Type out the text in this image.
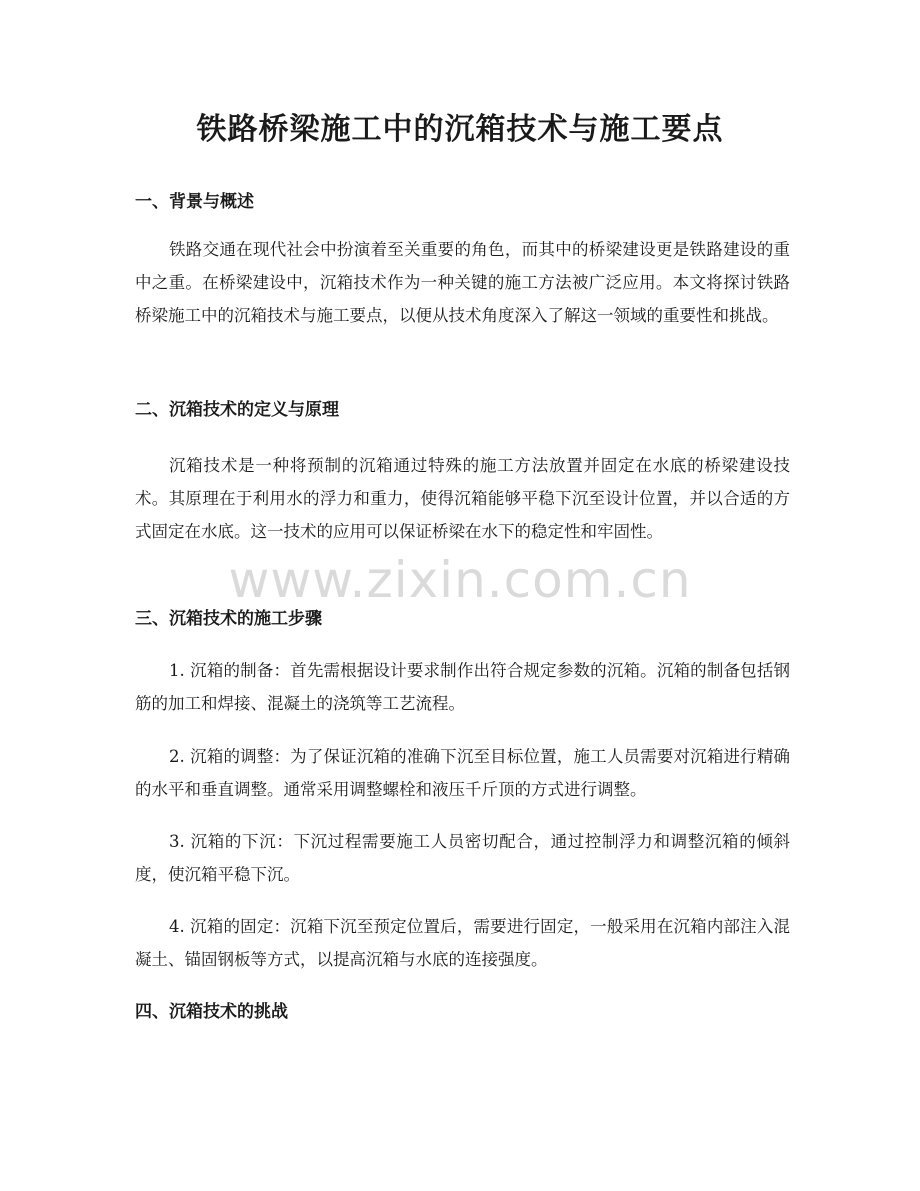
铁路桥梁施工中的沉箱技术与施工要点
一、背景与概述

铁路交通在现代社会中扮演着至关重要的角色，而其中的桥梁建设更是铁路建设的重中之重。在桥梁建设中，沉箱技术作为一种关键的施工方法被广泛应用。本文将探讨铁路桥梁施工中的沉箱技术与施工要点，以便从技术角度深入了解这一领域的重要性和挑战。

二、沉箱技术的定义与原理

沉箱技术是一种将预制的沉箱通过特殊的施工方法放置并固定在水底的桥梁建设技术。其原理在于利用水的浮力和重力，使得沉箱能够平稳下沉至设计位置，并以合适的方式固定在水底。这一技术的应用可以保证桥梁在水下的稳定性和牢固性。

www.zixin.com.cn
三、沉箱技术的施工步骤

1. 沉箱的制备：首先需根据设计要求制作出符合规定参数的沉箱。沉箱的制备包括钢筋的加工和焊接、混凝土的浇筑等工艺流程。

2. 沉箱的调整：为了保证沉箱的准确下沉至目标位置，施工人员需要对沉箱进行精确的水平和垂直调整。通常采用调整螺栓和液压千斤顶的方式进行调整。

3. 沉箱的下沉：下沉过程需要施工人员密切配合，通过控制浮力和调整沉箱的倾斜度，使沉箱平稳下沉。

4. 沉箱的固定：沉箱下沉至预定位置后，需要进行固定，一般采用在沉箱内部注入混凝土、锚固钢板等方式，以提高沉箱与水底的连接强度。

四、沉箱技术的挑战
